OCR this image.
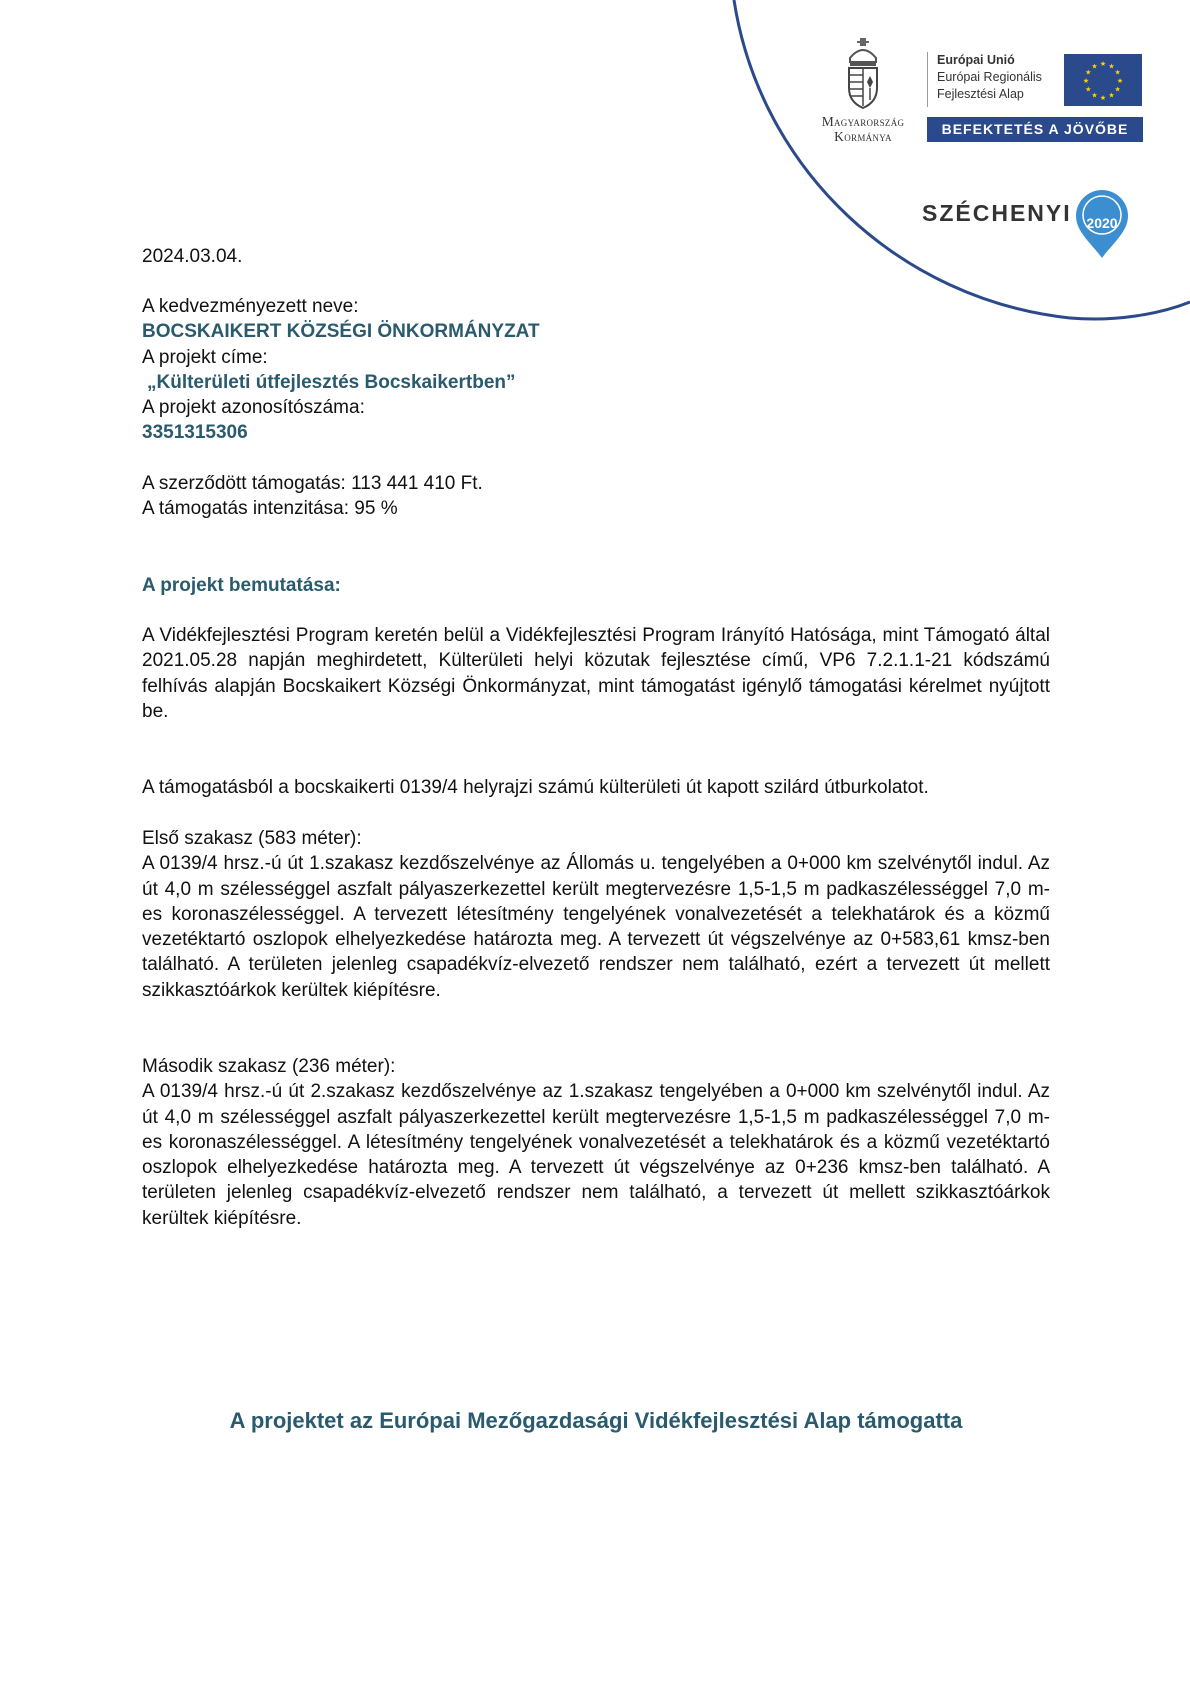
Magyarország
Kormánya
Európai Unió
Európai Regionális
Fejlesztési Alap
★ ★
★
★
★
★
★
★
★
★
★
★
BEFEKTETÉS A JÖVŐBE
SZÉCHENYI	2020

2024.03.04.

A kedvezményezett neve:

BOCSKAIKERT KÖZSÉGI ÖNKORMÁNYZAT

A projekt címe:

„Külterületi útfejlesztés Bocskaikertben”

A projekt azonosítószáma:

3351315306

A szerződött támogatás: 113 441 410 Ft.

A támogatás intenzitása: 95 %

A projekt bemutatása:

A Vidékfejlesztési Program keretén belül a Vidékfejlesztési Program Irányító Hatósága, mint Támogató által 2021.05.28 napján meghirdetett, Külterületi helyi közutak fejlesztése című, VP6 7.2.1.1-21 kódszámú felhívás alapján Bocskaikert Községi Önkormányzat, mint támogatást igénylő támogatási kérelmet nyújtott be.

A támogatásból a bocskaikerti 0139/4 helyrajzi számú külterületi út kapott szilárd útburkolatot.

Első szakasz (583 méter):

A 0139/4 hrsz.-ú út 1.szakasz kezdőszelvénye az Állomás u. tengelyében a 0+000 km szelvénytől indul. Az út 4,0 m szélességgel aszfalt pályaszerkezettel került megtervezésre 1,5-1,5 m padkaszélességgel 7,0 m-es koronaszélességgel. A tervezett létesítmény tengelyének vonalvezetését a telekhatárok és a közmű vezetéktartó oszlopok elhelyezkedése határozta meg. A tervezett út végszelvénye az 0+583,61 kmsz-ben található. A területen jelenleg csapadékvíz-elvezető rendszer nem található, ezért a tervezett út mellett szikkasztóárkok kerültek kiépítésre.

Második szakasz (236 méter):

A 0139/4 hrsz.-ú út 2.szakasz kezdőszelvénye az 1.szakasz tengelyében a 0+000 km szelvénytől indul. Az út 4,0 m szélességgel aszfalt pályaszerkezettel került megtervezésre 1,5-1,5 m padkaszélességgel 7,0 m-es koronaszélességgel. A létesítmény tengelyének vonalvezetését a telekhatárok és a közmű vezetéktartó oszlopok elhelyezkedése határozta meg. A tervezett út végszelvénye az 0+236 kmsz-ben található. A területen jelenleg csapadékvíz-elvezető rendszer nem található, a tervezett út mellett szikkasztóárkok kerültek kiépítésre.

A projektet az Európai Mezőgazdasági Vidékfejlesztési Alap támogatta
